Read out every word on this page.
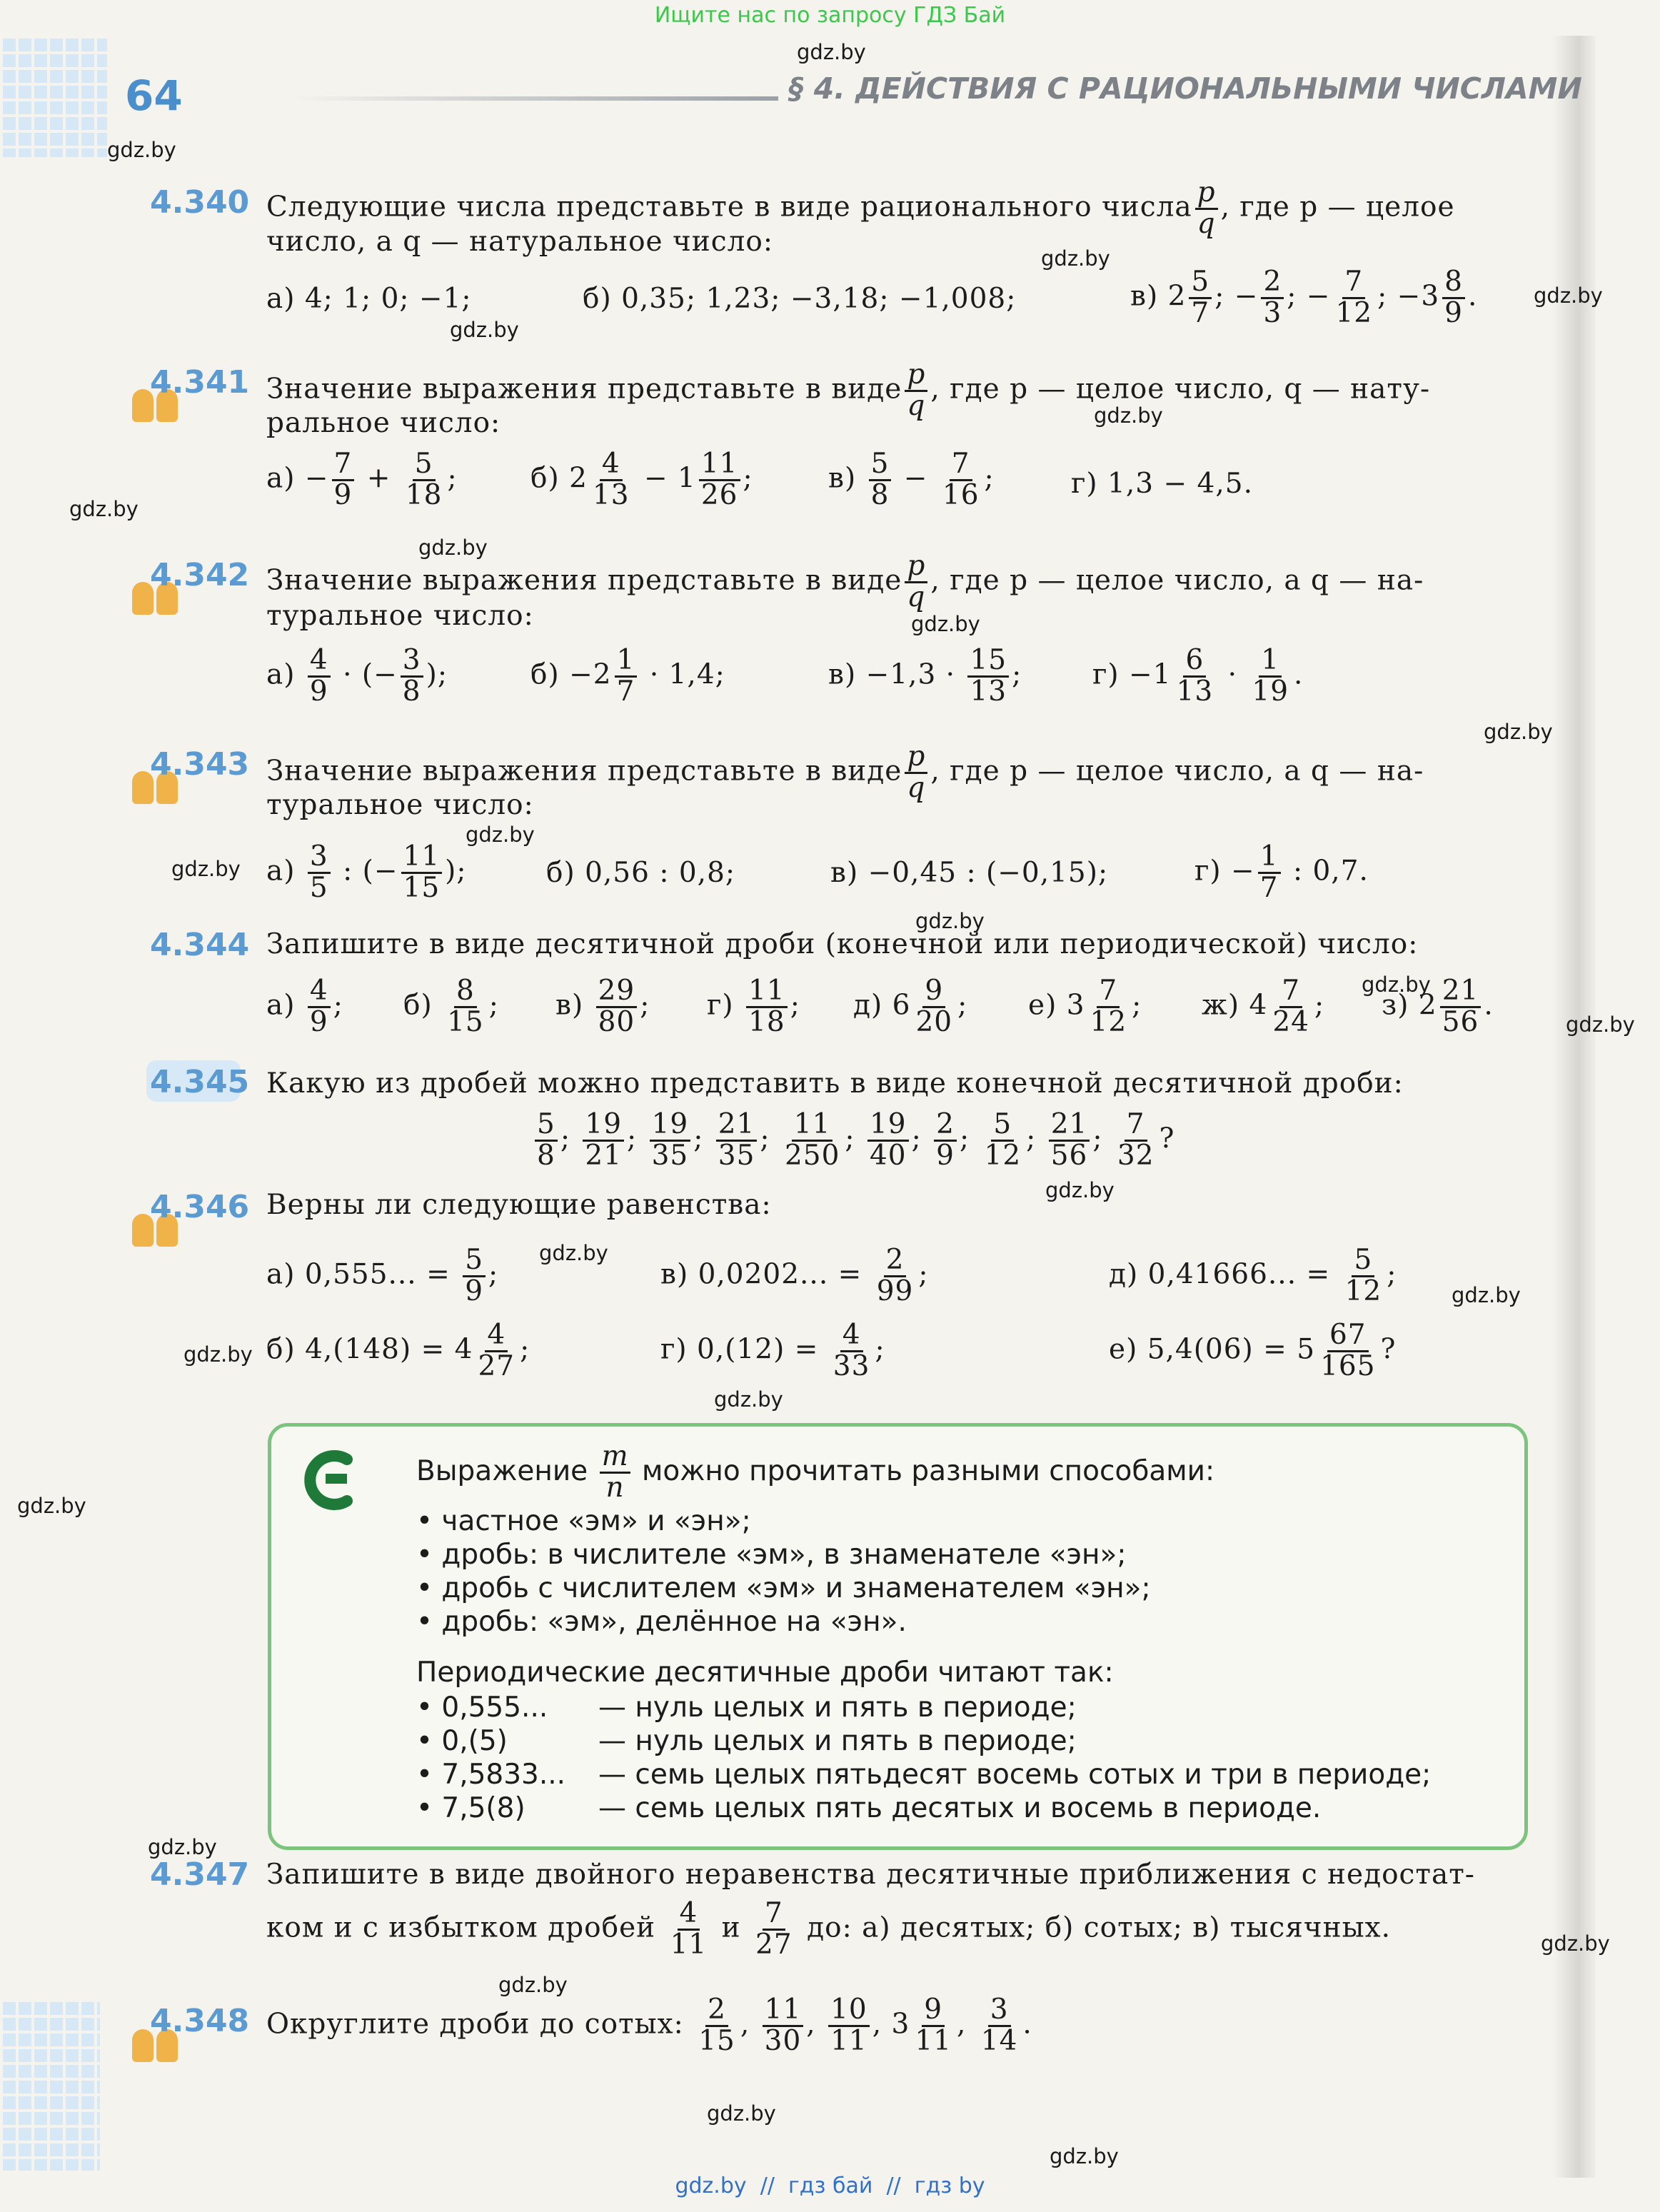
Ищите нас по запросу ГДЗ Бай
64	§ 4. ДЕЙСТВИЯ С РАЦИОНАЛЬНЫМИ ЧИСЛАМИ
gdz.by
gdz.by
gdz.by
gdz.by
gdz.by
gdz.by
gdz.by
gdz.by
gdz.by
gdz.by
gdz.by
gdz.by
gdz.by
gdz.by
gdz.by
gdz.by
gdz.by
gdz.by
gdz.by
gdz.by
gdz.by
gdz.by
gdz.by
gdz.by
gdz.by
gdz.by
4.340 Следующие числа представьте в виде рационального числа $\frac{p}{q}$ , где p — целое
число, а q — натуральное число:
а) 4; 1; 0; −1;	б) 0,35; 1,23; −3,18; −1,008;	в) $2 \frac{5}{7}$ ; − $\frac{2}{3}$ ; − $\frac{7}{12}$ ; $-3 \frac{8}{9}$ .
4.341 Значение выражения представьте в виде $\frac{p}{q}$ , где p — целое число, q — нату-
ральное число:
$а) - \frac{7}{9} + \frac{5}{18}$ ;	б) $2 \frac{4}{13} - 1 \frac{11}{26}$ ;	$в) \frac{5}{8} - \frac{7}{16}$ ;	г) 1,3 − 4,5.
4.342 Значение выражения представьте в виде $\frac{p}{q}$ , где p — целое число, а q — на-
туральное число:
$а) \frac{4}{9}$ · (− $\frac{3}{8}$ );	$б) -2 \frac{1}{7} \cdot 1,4$;	$в) -1,3 \cdot \frac{15}{13}$ ;	$г) -1 \frac{6}{13} \cdot \frac{1}{19}$ .
4.343 Значение выражения представьте в виде $\frac{p}{q}$ , где p — целое число, а q — на-
туральное число:
$а) \frac{3}{5}$ : (− $\frac{11}{15}$ );	б) 0,56 : 0,8;	в) −0,45 : (−0,15);	$г) - \frac{1}{7}$ : 0,7.
4.344 Запишите в виде десятичной дроби (конечной или периодической) число:
$а) \frac{4}{9}$ ; $б) \frac{8}{15}$ ; $в) \frac{29}{80}$ ; $г) \frac{11}{18}$ ; д) $6 \frac{9}{20}$ ; е) $3 \frac{7}{12}$ ; ж) $4 \frac{7}{24}$ ; з) $2 \frac{21}{56}$ .
4.345 Какую из дробей можно представить в виде конечной десятичной дроби:
$\frac{5}{8}$ ; $\frac{19}{21}$ ; $\frac{19}{35}$ ; $\frac{21}{35}$ ; $\frac{11}{250}$ ; $\frac{19}{40}$ ; $\frac{2}{9}$ ; $\frac{5}{12}$ ; $\frac{21}{56}$ ; $\frac{7}{32}$ ?
4.346 Верны ли следующие равенства:
а) 0,555... = $\frac{5}{9}$ ;	в) 0,0202... = $\frac{2}{99}$ ;	д) 0,41666... = $\frac{5}{12}$ ;
б) $4,(148) = 4 \frac{4}{27}$ ;	г) $0,(12) = \frac{4}{33}$ ;	е) $5,4(06) = 5 \frac{67}{165}$ ?
Выражение $\frac{m}{n}$ можно прочитать разными способами:
• частное «эм» и «эн»;
• дробь: в числителе «эм», в знаменателе «эн»;
• дробь с числителем «эм» и знаменателем «эн»;
• дробь: «эм», делённое на «эн».
Периодические десятичные дроби читают так:
• 0,555... — нуль целых и пять в периоде;
• 0,(5)	— нуль целых и пять в периоде;
• 7,5833... — семь целых пятьдесят восемь сотых и три в периоде;
• 7,5(8)	— семь целых пять десятых и восемь в периоде.
4.347 Запишите в виде двойного неравенства десятичные приближения с недостат-
ком и с избытком дробей $\frac{4}{11}$ и $\frac{7}{27}$ до: а) десятых; б) сотых; в) тысячных.
4.348 Округлите дроби до сотых: $\frac{2}{15}$ , $\frac{11}{30}$ , $\frac{10}{11}$ , $3 \frac{9}{11}$ , $\frac{3}{14}$ .
gdz.by  //  гдз бай  //  гдз by
